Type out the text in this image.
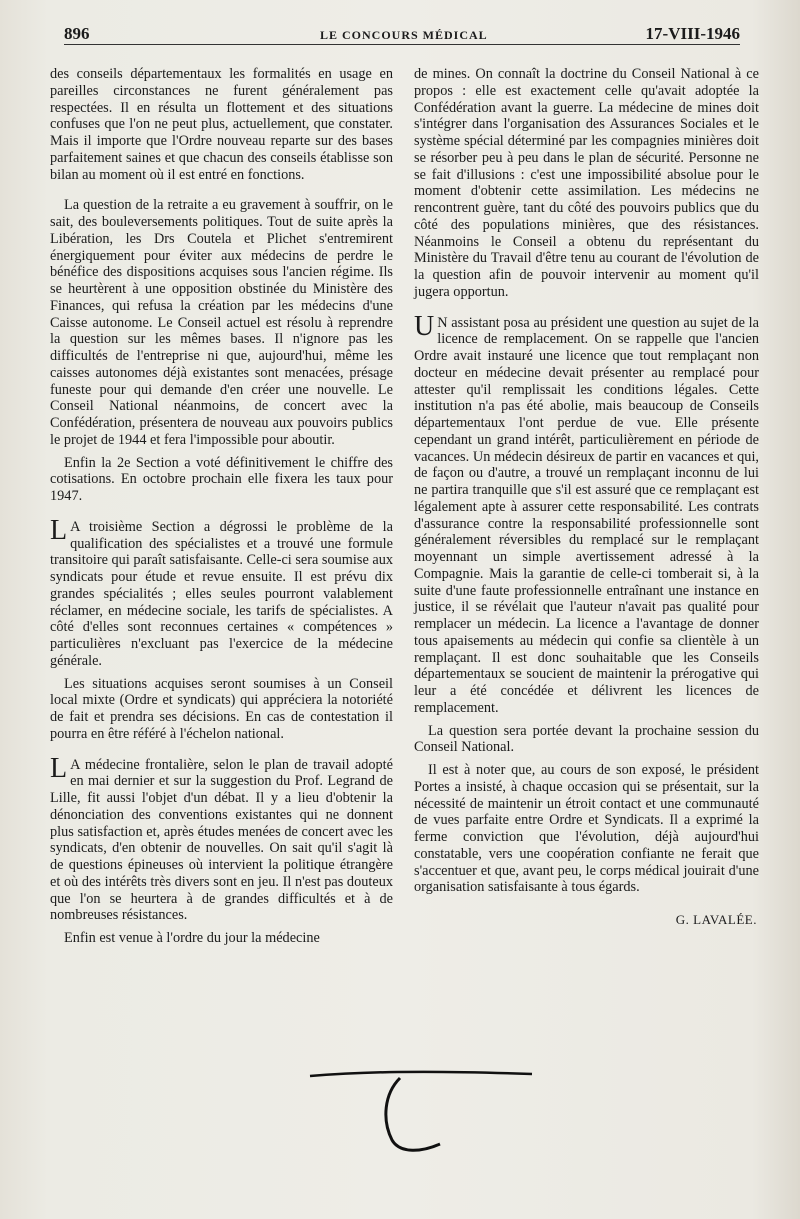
896	LE CONCOURS MÉDICAL	17-VIII-1946

des conseils départementaux les formalités en usage en pareilles circonstances ne furent généralement pas respectées. Il en résulta un flottement et des situations confuses que l'on ne peut plus, actuellement, que constater. Mais il importe que l'Ordre nouveau reparte sur des bases parfaitement saines et que chacun des conseils établisse son bilan au moment où il est entré en fonctions.

La question de la retraite a eu gravement à souffrir, on le sait, des bouleversements politiques. Tout de suite après la Libération, les Drs Coutela et Plichet s'entremirent énergiquement pour éviter aux médecins de perdre le bénéfice des dispositions acquises sous l'ancien régime. Ils se heurtèrent à une opposition obstinée du Ministère des Finances, qui refusa la création par les médecins d'une Caisse autonome. Le Conseil actuel est résolu à reprendre la question sur les mêmes bases. Il n'ignore pas les difficultés de l'entreprise ni que, aujourd'hui, même les caisses autonomes déjà existantes sont menacées, présage funeste pour qui demande d'en créer une nouvelle. Le Conseil National néanmoins, de concert avec la Confédération, présentera de nouveau aux pouvoirs publics le projet de 1944 et fera l'impossible pour aboutir.

Enfin la 2e Section a voté définitivement le chiffre des cotisations. En octobre prochain elle fixera les taux pour 1947.

L A troisième Section a dégrossi le problème de la qualification des spécialistes et a trouvé une formule transitoire qui paraît satisfaisante. Celle-ci sera soumise aux syndicats pour étude et revue ensuite. Il est prévu dix grandes spécialités ; elles seules pourront valablement réclamer, en médecine sociale, les tarifs de spécialistes. A côté d'elles sont reconnues certaines « compétences » particulières n'excluant pas l'exercice de la médecine générale.

Les situations acquises seront soumises à un Conseil local mixte (Ordre et syndicats) qui appréciera la notoriété de fait et prendra ses décisions. En cas de contestation il pourra en être référé à l'échelon national.

L A médecine frontalière, selon le plan de travail adopté en mai dernier et sur la suggestion du Prof. Legrand de Lille, fit aussi l'objet d'un débat. Il y a lieu d'obtenir la dénonciation des conventions existantes qui ne donnent plus satisfaction et, après études menées de concert avec les syndicats, d'en obtenir de nouvelles. On sait qu'il s'agit là de questions épineuses où intervient la politique étrangère et où des intérêts très divers sont en jeu. Il n'est pas douteux que l'on se heurtera à de grandes difficultés et à de nombreuses résistances.

Enfin est venue à l'ordre du jour la médecine

de mines. On connaît la doctrine du Conseil National à ce propos : elle est exactement celle qu'avait adoptée la Confédération avant la guerre. La médecine de mines doit s'intégrer dans l'organisation des Assurances Sociales et le système spécial déterminé par les compagnies minières doit se résorber peu à peu dans le plan de sécurité. Personne ne se fait d'illusions : c'est une impossibilité absolue pour le moment d'obtenir cette assimilation. Les médecins ne rencontrent guère, tant du côté des pouvoirs publics que du côté des populations minières, que des résistances. Néanmoins le Conseil a obtenu du représentant du Ministère du Travail d'être tenu au courant de l'évolution de la question afin de pouvoir intervenir au moment qu'il jugera opportun.

U N assistant posa au président une question au sujet de la licence de remplacement. On se rappelle que l'ancien Ordre avait instauré une licence que tout remplaçant non docteur en médecine devait présenter au remplacé pour attester qu'il remplissait les conditions légales. Cette institution n'a pas été abolie, mais beaucoup de Conseils départementaux l'ont perdue de vue. Elle présente cependant un grand intérêt, particulièrement en période de vacances. Un médecin désireux de partir en vacances et qui, de façon ou d'autre, a trouvé un remplaçant inconnu de lui ne partira tranquille que s'il est assuré que ce remplaçant est légalement apte à assurer cette responsabilité. Les contrats d'assurance contre la responsabilité professionnelle sont généralement réversibles du remplacé sur le remplaçant moyennant un simple avertissement adressé à la Compagnie. Mais la garantie de celle-ci tomberait si, à la suite d'une faute professionnelle entraînant une instance en justice, il se révélait que l'auteur n'avait pas qualité pour remplacer un médecin. La licence a l'avantage de donner tous apaisements au médecin qui confie sa clientèle à un remplaçant. Il est donc souhaitable que les Conseils départementaux se soucient de maintenir la prérogative qui leur a été concédée et délivrent les licences de remplacement.

La question sera portée devant la prochaine session du Conseil National.

Il est à noter que, au cours de son exposé, le président Portes a insisté, à chaque occasion qui se présentait, sur la nécessité de maintenir un étroit contact et une communauté de vues parfaite entre Ordre et Syndicats. Il a exprimé la ferme conviction que l'évolution, déjà aujourd'hui constatable, vers une coopération confiante ne ferait que s'accentuer et que, avant peu, le corps médical jouirait d'une organisation satisfaisante à tous égards.

G. LAVALÉE.
